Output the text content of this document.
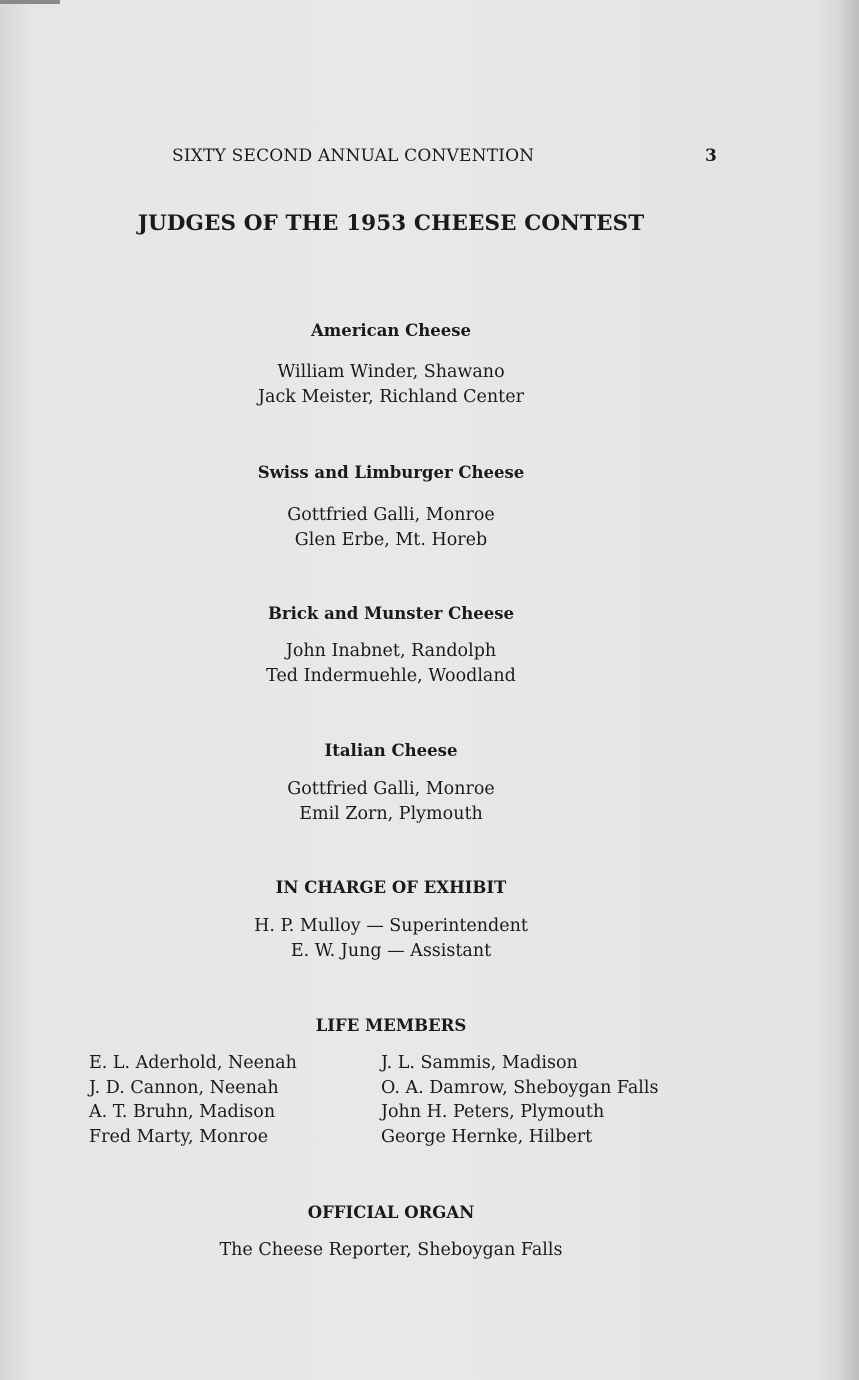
SIXTY SECOND ANNUAL CONVENTION	3
JUDGES OF THE 1953 CHEESE CONTEST
American Cheese
William Winder, Shawano
Jack Meister, Richland Center
Swiss and Limburger Cheese
Gottfried Galli, Monroe
Glen Erbe, Mt. Horeb
Brick and Munster Cheese
John Inabnet, Randolph
Ted Indermuehle, Woodland
Italian Cheese
Gottfried Galli, Monroe
Emil Zorn, Plymouth
IN CHARGE OF EXHIBIT
H. P. Mulloy — Superintendent
E. W. Jung — Assistant
LIFE MEMBERS
E. L. Aderhold, Neenah
J. D. Cannon, Neenah
A. T. Bruhn, Madison
Fred Marty, Monroe
J. L. Sammis, Madison
O. A. Damrow, Sheboygan Falls
John H. Peters, Plymouth
George Hernke, Hilbert
OFFICIAL ORGAN
The Cheese Reporter, Sheboygan Falls
